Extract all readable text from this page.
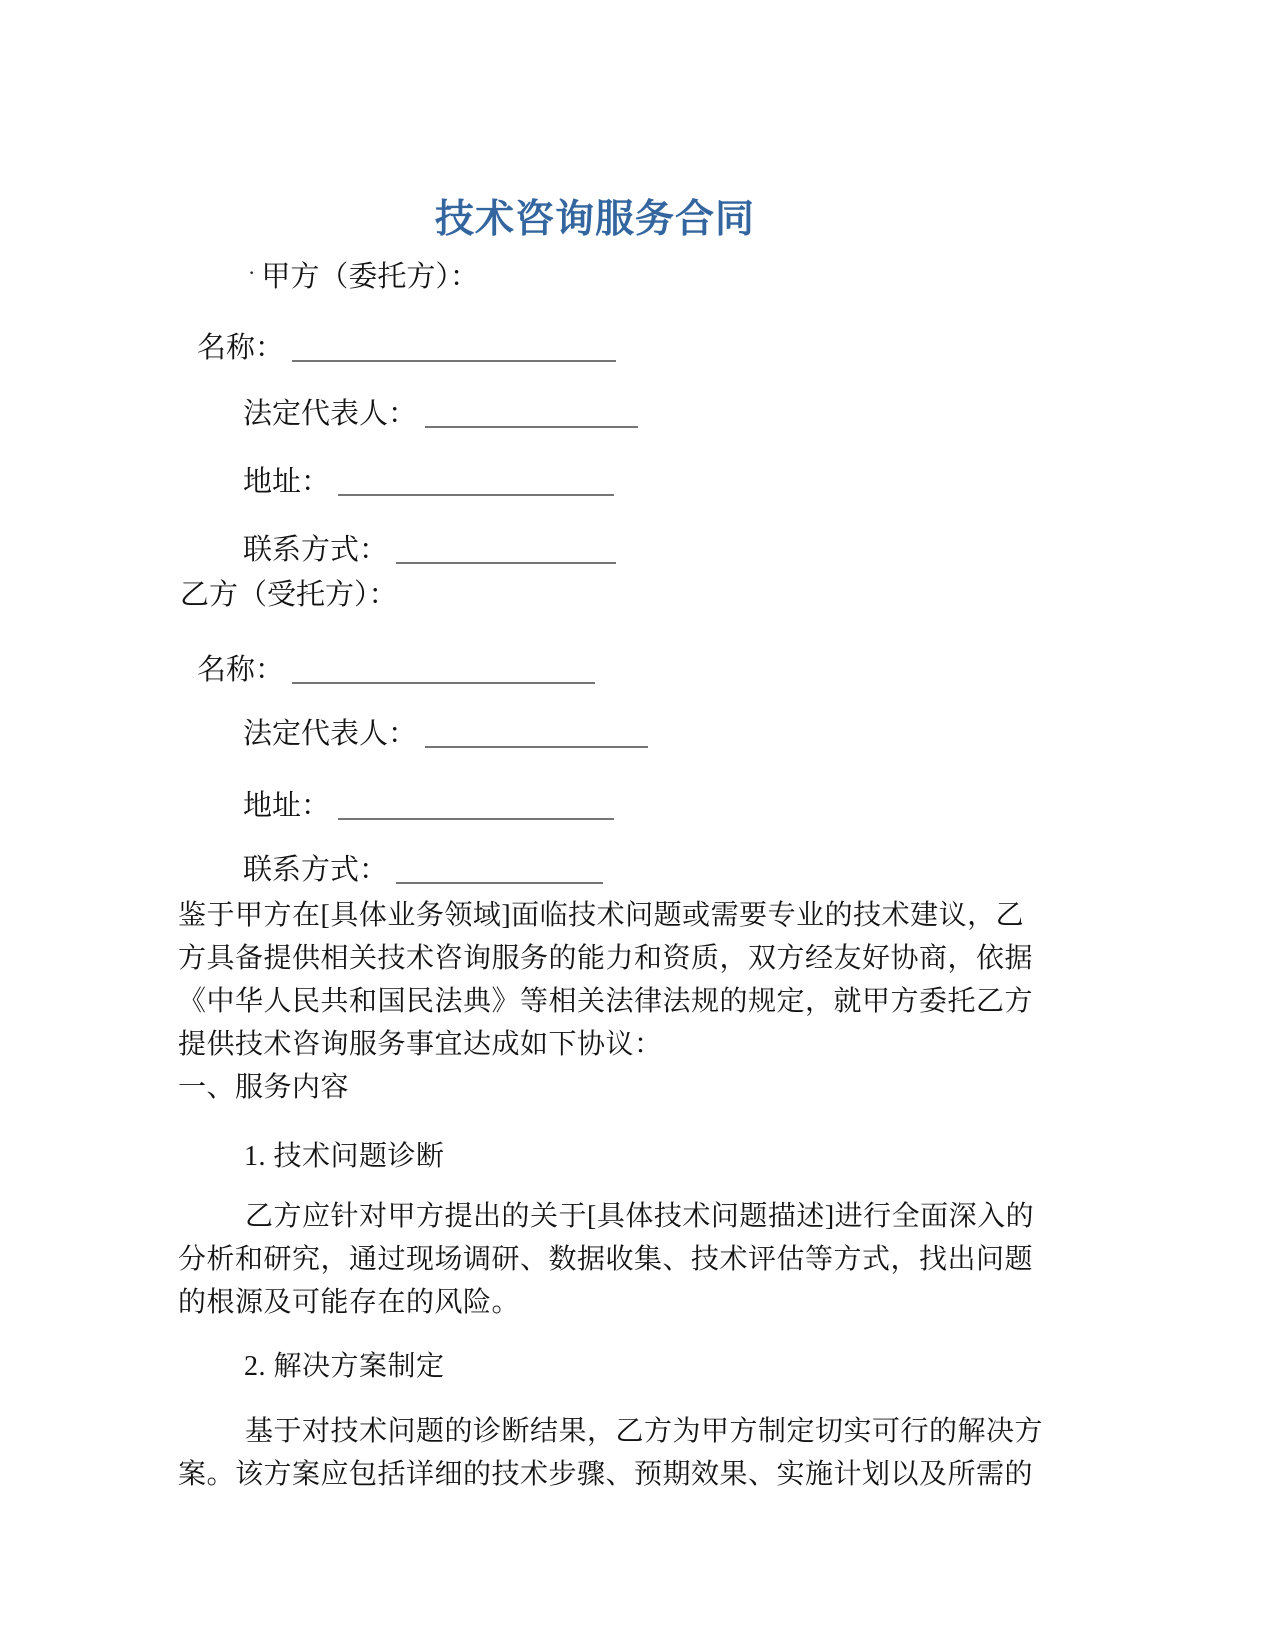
技术咨询服务合同
· 甲方（委托方）：
名称：
法定代表人：
地址：
联系方式：
乙方（受托方）：
名称：
法定代表人：
地址：
联系方式：
鉴于甲方在[具体业务领域]面临技术问题或需要专业的技术建议，乙
方具备提供相关技术咨询服务的能力和资质，双方经友好协商，依据
《中华人民共和国民法典》等相关法律法规的规定，就甲方委托乙方
提供技术咨询服务事宜达成如下协议：
一、服务内容
1. 技术问题诊断
乙方应针对甲方提出的关于[具体技术问题描述]进行全面深入的
分析和研究，通过现场调研、数据收集、技术评估等方式，找出问题
的根源及可能存在的风险。
2. 解决方案制定
基于对技术问题的诊断结果，乙方为甲方制定切实可行的解决方
案。该方案应包括详细的技术步骤、预期效果、实施计划以及所需的
